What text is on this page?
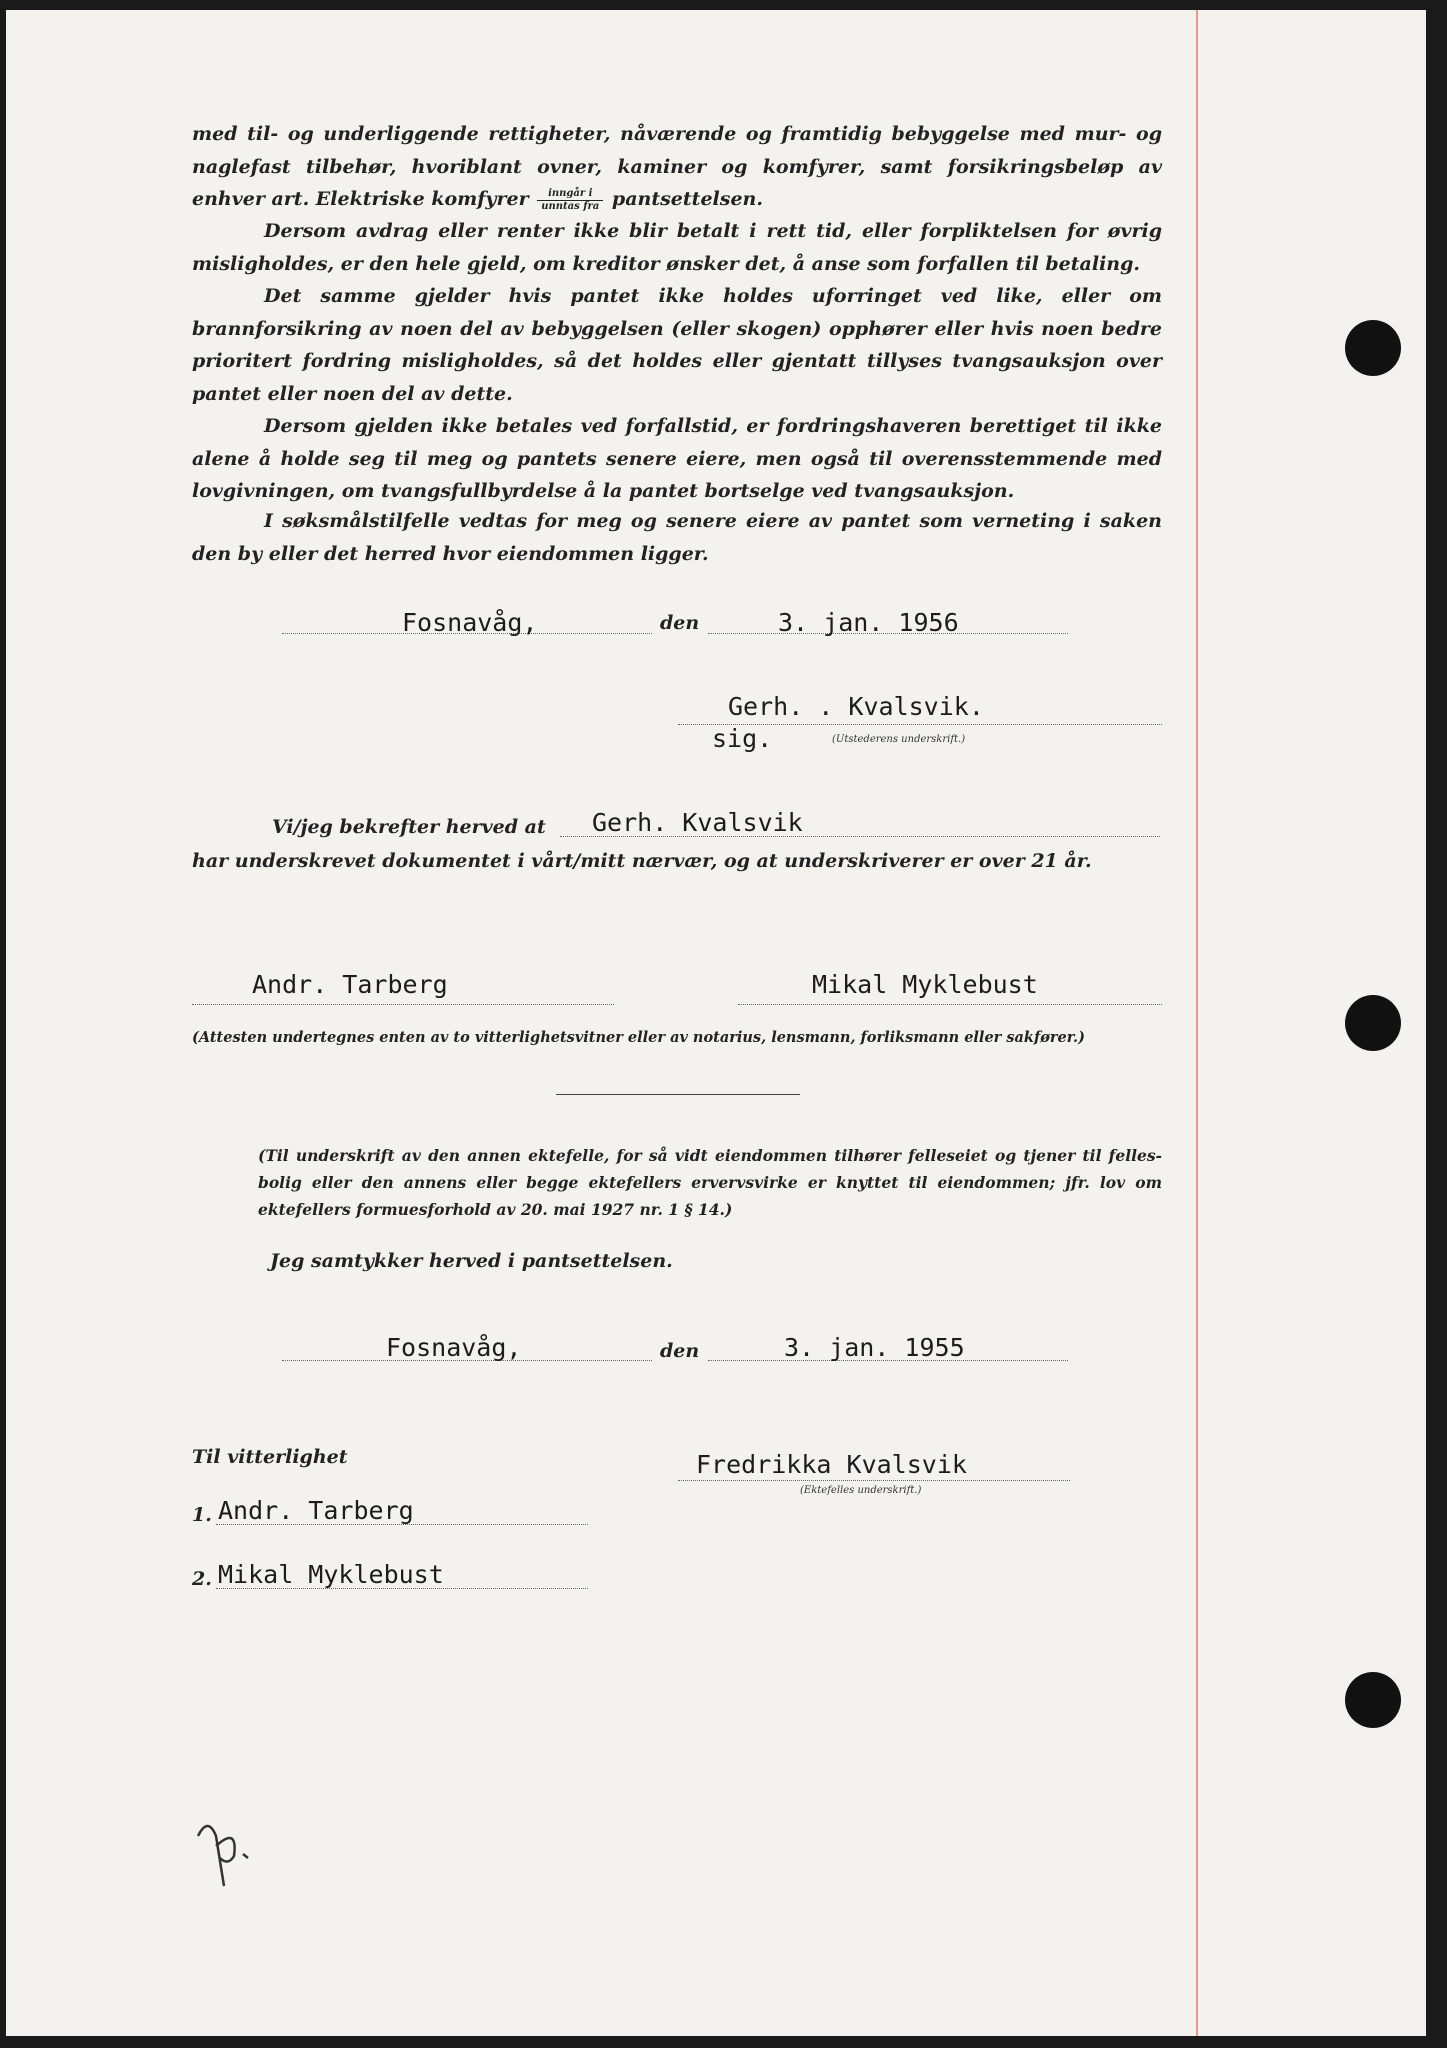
med til- og underliggende rettigheter, nåværende og framtidig bebyggelse med mur- og naglefast tilbehør, hvoriblant ovner, kaminer og komfyrer, samt forsikringsbeløp av enhver art. Elektriske komfyrer $\frac{\text{inngår i}}{\text{unntas fra}}$ pantsettelsen.

Dersom avdrag eller renter ikke blir betalt i rett tid, eller forpliktelsen for øvrig misligholdes, er den hele gjeld, om kreditor ønsker det, å anse som forfallen til betaling.

Det samme gjelder hvis pantet ikke holdes uforringet ved like, eller om brannforsikring av noen del av bebyggelsen (eller skogen) opphører eller hvis noen bedre prioritert fordring misligholdes, så det holdes eller gjentatt tillyses tvangsauksjon over pantet eller noen del av dette.

Dersom gjelden ikke betales ved forfallstid, er fordringshaveren berettiget til ikke alene å holde seg til meg og pantets senere eiere, men også til overensstemmende med lovgivningen, om tvangsfullbyrdelse å la pantet bortselge ved tvangsauksjon.

I søksmålstilfelle vedtas for meg og senere eiere av pantet som verneting i saken den by eller det herred hvor eiendommen ligger.

Fosnavåg,	den	3. jan. 1956
Gerh. . Kvalsvik.
sig.	(Utstederens underskrift.)
Vi/jeg bekrefter herved at Gerh. Kvalsvik
har underskrevet dokumentet i vårt/mitt nærvær, og at underskriverer er over 21 år.
Andr. Tarberg	Mikal Myklebust
(Attesten undertegnes enten av to vitterlighetsvitner eller av notarius, lensmann, forliksmann eller sakfører.)

(Til underskrift av den annen ektefelle, for så vidt eiendommen tilhører felleseiet og tjener til felles-bolig eller den annens eller begge ektefellers ervervsvirke er knyttet til eiendommen; jfr. lov om ektefellers formuesforhold av 20. mai 1927 nr. 1 § 14.)

Jeg samtykker herved i pantsettelsen.
Fosnavåg,	den	3. jan. 1955
Til vitterlighet	Fredrikka Kvalsvik
(Ektefelles underskrift.)
1. Andr. Tarberg
2. Mikal Myklebust
